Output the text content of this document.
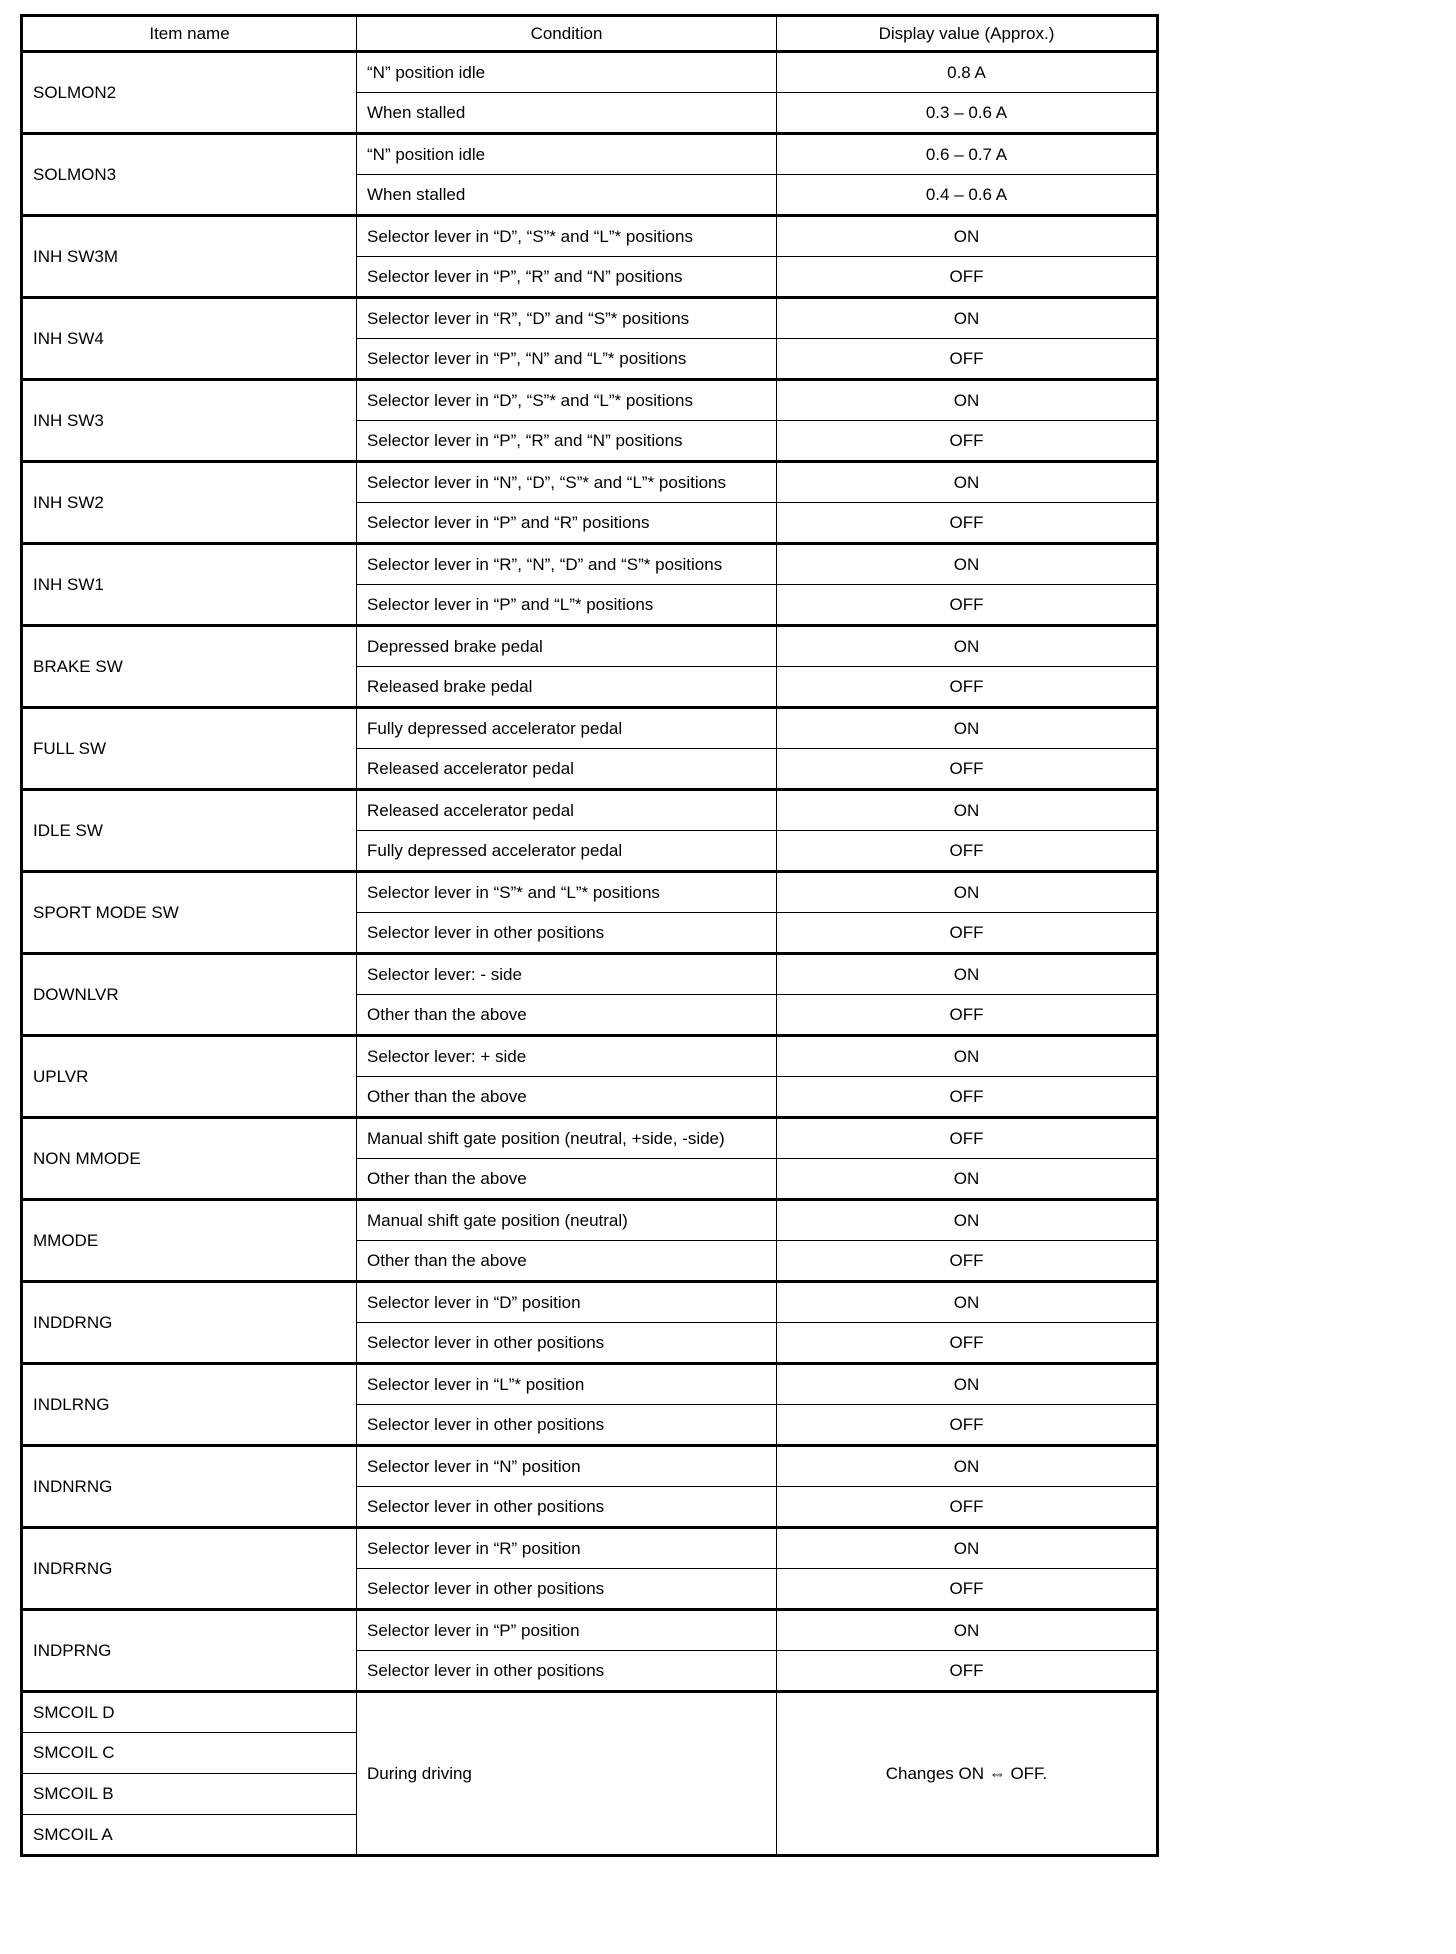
Item name	Condition	Display value (Approx.)
SOLMON2	“N” position idle	0.8 A
	When stalled	0.3 – 0.6 A
SOLMON3	“N” position idle	0.6 – 0.7 A
	When stalled	0.4 – 0.6 A
INH SW3M	Selector lever in “D”, “S”* and “L”* positions	ON
	Selector lever in “P”, “R” and “N” positions	OFF
INH SW4	Selector lever in “R”, “D” and “S”* positions	ON
	Selector lever in “P”, “N” and “L”* positions	OFF
INH SW3	Selector lever in “D”, “S”* and “L”* positions	ON
	Selector lever in “P”, “R” and “N” positions	OFF
INH SW2	Selector lever in “N”, “D”, “S”* and “L”* positions	ON
	Selector lever in “P” and “R” positions	OFF
INH SW1	Selector lever in “R”, “N”, “D” and “S”* positions	ON
	Selector lever in “P” and “L”* positions	OFF
BRAKE SW	Depressed brake pedal	ON
	Released brake pedal	OFF
FULL SW	Fully depressed accelerator pedal	ON
	Released accelerator pedal	OFF
IDLE SW	Released accelerator pedal	ON
	Fully depressed accelerator pedal	OFF
SPORT MODE SW	Selector lever in “S”* and “L”* positions	ON
	Selector lever in other positions	OFF
DOWNLVR	Selector lever: - side	ON
	Other than the above	OFF
UPLVR	Selector lever: + side	ON
	Other than the above	OFF
NON MMODE	Manual shift gate position (neutral, +side, -side)	OFF
	Other than the above	ON
MMODE	Manual shift gate position (neutral)	ON
	Other than the above	OFF
INDDRNG	Selector lever in “D” position	ON
	Selector lever in other positions	OFF
INDLRNG	Selector lever in “L”* position	ON
	Selector lever in other positions	OFF
INDNRNG	Selector lever in “N” position	ON
	Selector lever in other positions	OFF
INDRRNG	Selector lever in “R” position	ON
	Selector lever in other positions	OFF
INDPRNG	Selector lever in “P” position	ON
	Selector lever in other positions	OFF
SMCOIL D	During driving	Changes ON ⇔ OFF.
SMCOIL C		
SMCOIL B		
SMCOIL A		
